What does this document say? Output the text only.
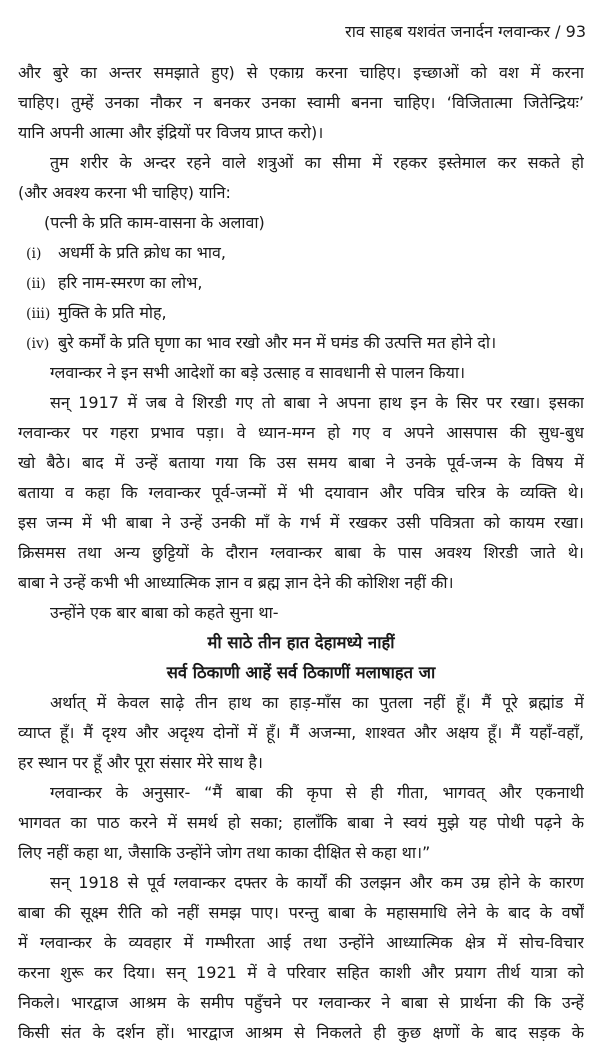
राव साहब यशवंत जनार्दन ग्लवान्कर / 93
और बुरे का अन्तर समझाते हुए) से एकाग्र करना चाहिए। इच्छाओं को वश में करना
चाहिए। तुम्हें उनका नौकर न बनकर उनका स्वामी बनना चाहिए। ‘विजितात्मा जितेन्द्रियः’
यानि अपनी आत्मा और इंद्रियों पर विजय प्राप्त करो)।
तुम शरीर के अन्दर रहने वाले शत्रुओं का सीमा में रहकर इस्तेमाल कर सकते हो
(और अवश्य करना भी चाहिए) यानि:
(पत्नी के प्रति काम-वासना के अलावा)
(i) अधर्मी के प्रति क्रोध का भाव,
(ii) हरि नाम-स्मरण का लोभ,
(iii) मुक्ति के प्रति मोह,
(iv) बुरे कर्मों के प्रति घृणा का भाव रखो और मन में घमंड की उत्पत्ति मत होने दो।
ग्लवान्कर ने इन सभी आदेशों का बड़े उत्साह व सावधानी से पालन किया।
सन् 1917 में जब वे शिरडी गए तो बाबा ने अपना हाथ इन के सिर पर रखा। इसका
ग्लवान्कर पर गहरा प्रभाव पड़ा। वे ध्यान-मग्न हो गए व अपने आसपास की सुध-बुध
खो बैठे। बाद में उन्हें बताया गया कि उस समय बाबा ने उनके पूर्व-जन्म के विषय में
बताया व कहा कि ग्लवान्कर पूर्व-जन्मों में भी दयावान और पवित्र चरित्र के व्यक्ति थे।
इस जन्म में भी बाबा ने उन्हें उनकी माँ के गर्भ में रखकर उसी पवित्रता को कायम रखा।
क्रिसमस तथा अन्य छुट्टियों के दौरान ग्लवान्कर बाबा के पास अवश्य शिरडी जाते थे।
बाबा ने उन्हें कभी भी आध्यात्मिक ज्ञान व ब्रह्म ज्ञान देने की कोशिश नहीं की।
उन्होंने एक बार बाबा को कहते सुना था-
मी साठे तीन हात देहामध्ये नाहीं
सर्व ठिकाणी आहें सर्व ठिकाणीं मलाषाहत जा
अर्थात् में केवल साढ़े तीन हाथ का हाड़-माँस का पुतला नहीं हूँ। मैं पूरे ब्रह्मांड में
व्याप्त हूँ। मैं दृश्य और अदृश्य दोनों में हूँ। मैं अजन्मा, शाश्वत और अक्षय हूँ। मैं यहाँ-वहाँ,
हर स्थान पर हूँ और पूरा संसार मेरे साथ है।
ग्लवान्कर के अनुसार- “मैं बाबा की कृपा से ही गीता, भागवत् और एकनाथी
भागवत का पाठ करने में समर्थ हो सका; हालाँकि बाबा ने स्वयं मुझे यह पोथी पढ़ने के
लिए नहीं कहा था, जैसाकि उन्होंने जोग तथा काका दीक्षित से कहा था।”
सन् 1918 से पूर्व ग्लवान्कर दफ्तर के कार्यों की उलझन और कम उम्र होने के कारण
बाबा की सूक्ष्म रीति को नहीं समझ पाए। परन्तु बाबा के महासमाधि लेने के बाद के वर्षों
में ग्लवान्कर के व्यवहार में गम्भीरता आई तथा उन्होंने आध्यात्मिक क्षेत्र में सोच-विचार
करना शुरू कर दिया। सन् 1921 में वे परिवार सहित काशी और प्रयाग तीर्थ यात्रा को
निकले। भारद्वाज आश्रम के समीप पहुँचने पर ग्लवान्कर ने बाबा से प्रार्थना की कि उन्हें
किसी संत के दर्शन हों। भारद्वाज आश्रम से निकलते ही कुछ क्षणों के बाद सड़क के
